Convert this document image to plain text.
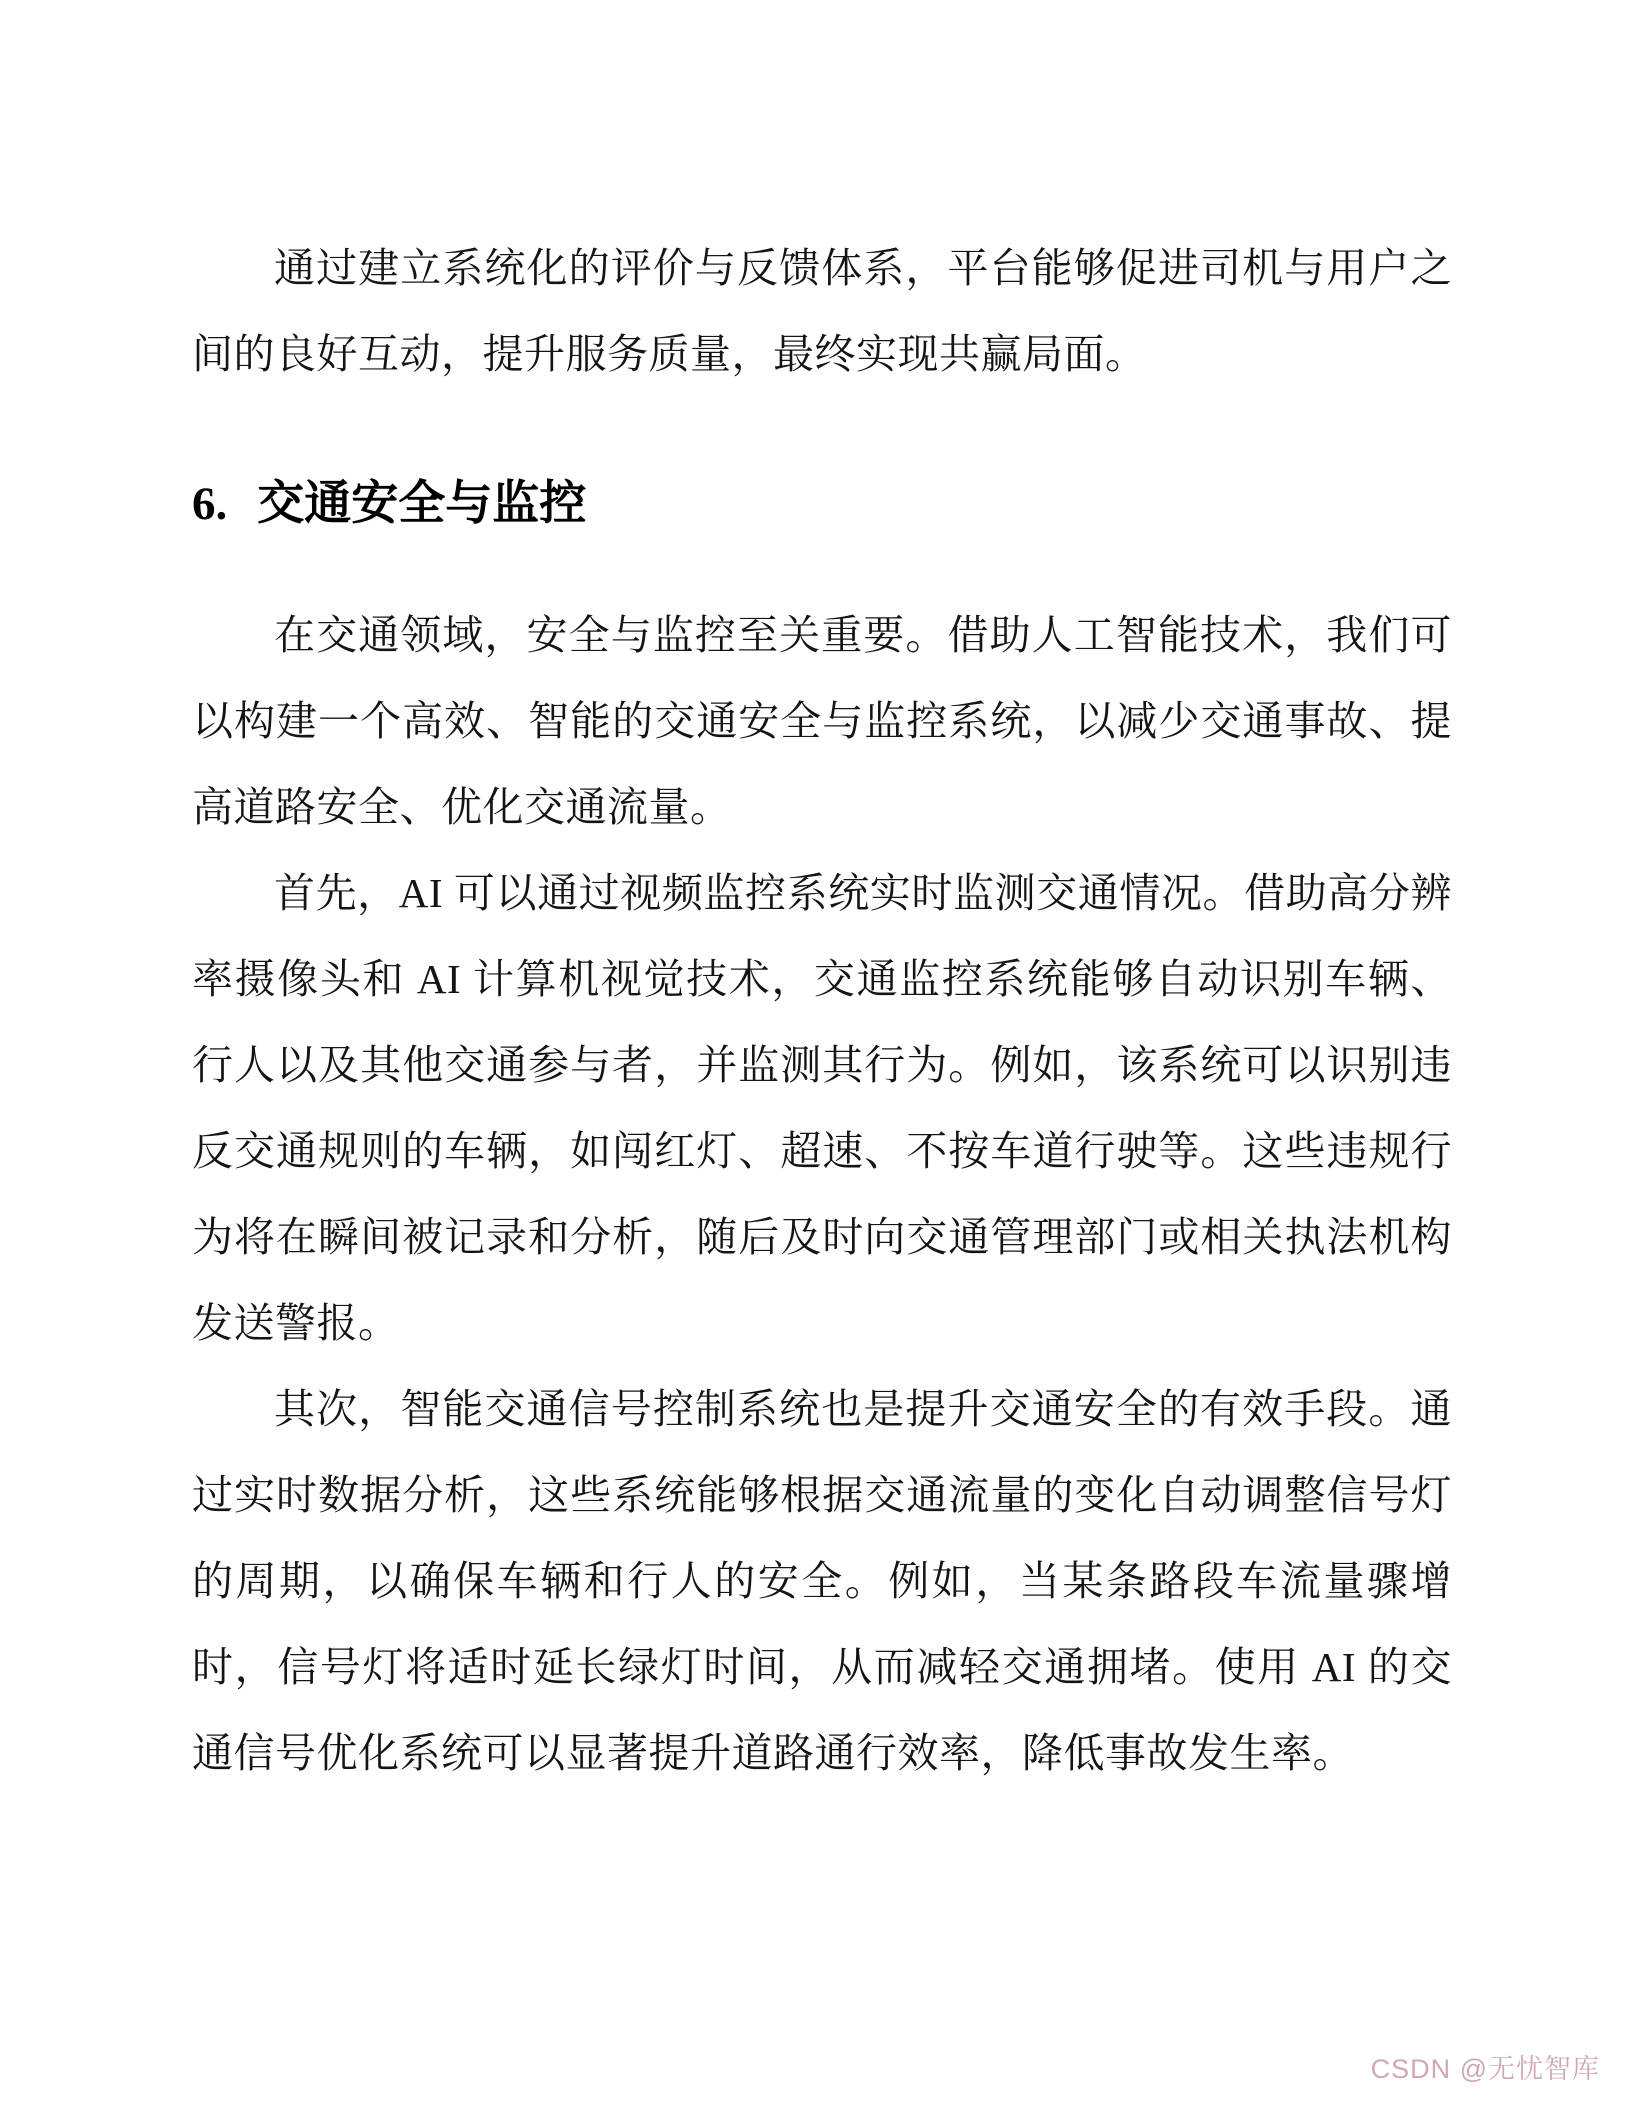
通过建立系统化的评价与反馈体系，平台能够促进司机与用户之间的良好互动，提升服务质量，最终实现共赢局面。

6. 交通安全与监控

在交通领域，安全与监控至关重要。借助人工智能技术，我们可以构建一个高效、智能的交通安全与监控系统，以减少交通事故、提高道路安全、优化交通流量。

首先，AI 可以通过视频监控系统实时监测交通情况。借助高分辨率摄像头和 AI 计算机视觉技术，交通监控系统能够自动识别车辆、行人以及其他交通参与者，并监测其行为。例如，该系统可以识别违反交通规则的车辆，如闯红灯、超速、不按车道行驶等。这些违规行为将在瞬间被记录和分析，随后及时向交通管理部门或相关执法机构发送警报。

其次，智能交通信号控制系统也是提升交通安全的有效手段。通过实时数据分析，这些系统能够根据交通流量的变化自动调整信号灯的周期，以确保车辆和行人的安全。例如，当某条路段车流量骤增时，信号灯将适时延长绿灯时间，从而减轻交通拥堵。使用 AI 的交通信号优化系统可以显著提升道路通行效率，降低事故发生率。

CSDN @无忧智库
